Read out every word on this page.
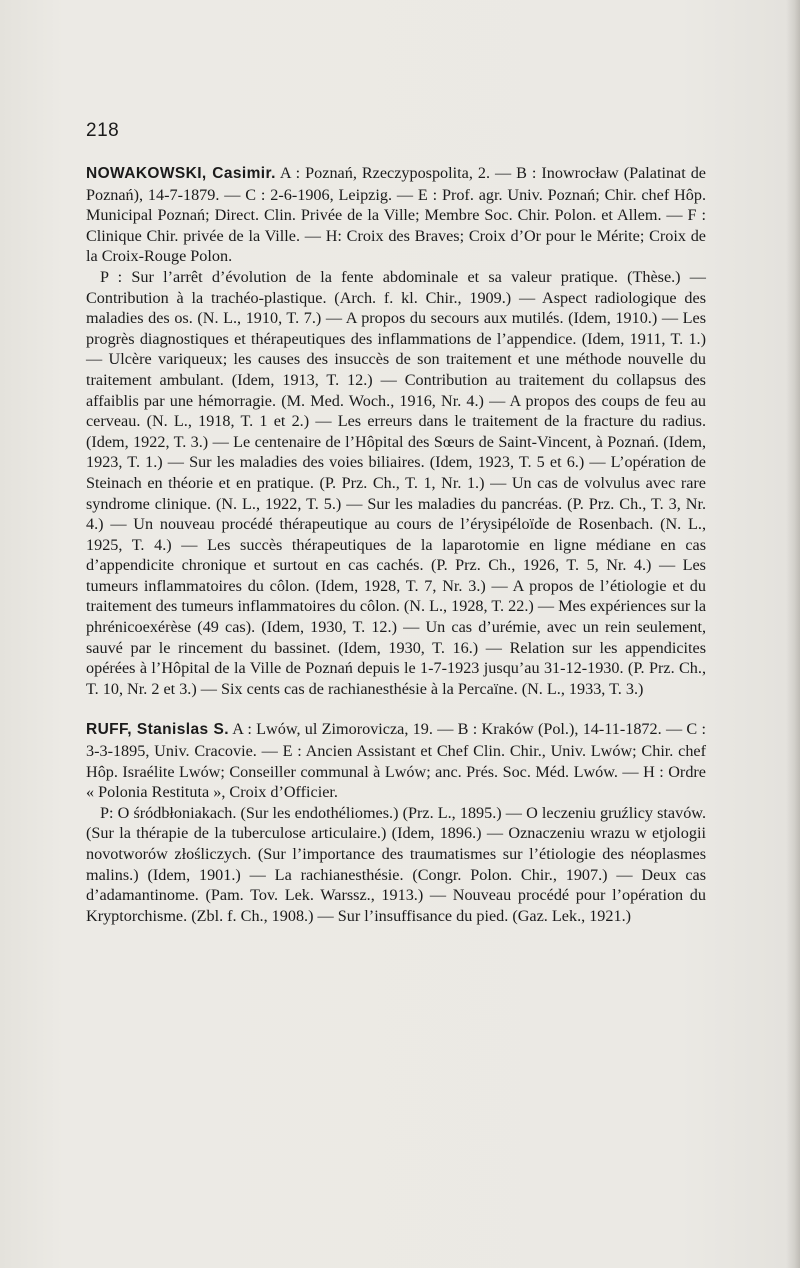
218

NOWAKOWSKI, Casimir. A : Poznań, Rzeczypospolita, 2. — B : Inowrocław (Palatinat de Poznań), 14-7-1879. — C : 2-6-1906, Leipzig. — E : Prof. agr. Univ. Poznań; Chir. chef Hôp. Municipal Poznań; Direct. Clin. Privée de la Ville; Membre Soc. Chir. Polon. et Allem. — F : Clinique Chir. privée de la Ville. — H: Croix des Braves; Croix d’Or pour le Mérite; Croix de la Croix-Rouge Polon.

P : Sur l’arrêt d’évolution de la fente abdominale et sa valeur pratique. (Thèse.) — Contribution à la trachéo-plastique. (Arch. f. kl. Chir., 1909.) — Aspect radiologique des maladies des os. (N. L., 1910, T. 7.) — A propos du secours aux mutilés. (Idem, 1910.) — Les progrès diagnostiques et thérapeutiques des inflammations de l’appendice. (Idem, 1911, T. 1.) — Ulcère variqueux; les causes des insuccès de son traitement et une méthode nouvelle du traitement ambulant. (Idem, 1913, T. 12.) — Contribution au traitement du collapsus des affaiblis par une hémorragie. (M. Med. Woch., 1916, Nr. 4.) — A propos des coups de feu au cerveau. (N. L., 1918, T. 1 et 2.) — Les erreurs dans le traitement de la fracture du radius. (Idem, 1922, T. 3.) — Le centenaire de l’Hôpital des Sœurs de Saint-Vincent, à Poznań. (Idem, 1923, T. 1.) — Sur les maladies des voies biliaires. (Idem, 1923, T. 5 et 6.) — L’opération de Steinach en théorie et en pratique. (P. Prz. Ch., T. 1, Nr. 1.) — Un cas de volvulus avec rare syndrome clinique. (N. L., 1922, T. 5.) — Sur les maladies du pancréas. (P. Prz. Ch., T. 3, Nr. 4.) — Un nouveau procédé thérapeutique au cours de l’érysipéloïde de Rosenbach. (N. L., 1925, T. 4.) — Les succès thérapeutiques de la laparotomie en ligne médiane en cas d’appendicite chronique et surtout en cas cachés. (P. Prz. Ch., 1926, T. 5, Nr. 4.) — Les tumeurs inflammatoires du côlon. (Idem, 1928, T. 7, Nr. 3.) — A propos de l’étiologie et du traitement des tumeurs inflammatoires du côlon. (N. L., 1928, T. 22.) — Mes expériences sur la phrénicoexérèse (49 cas). (Idem, 1930, T. 12.) — Un cas d’urémie, avec un rein seulement, sauvé par le rincement du bassinet. (Idem, 1930, T. 16.) — Relation sur les appendicites opérées à l’Hôpital de la Ville de Poznań depuis le 1-7-1923 jusqu’au 31-12-1930. (P. Prz. Ch., T. 10, Nr. 2 et 3.) — Six cents cas de rachianesthésie à la Percaïne. (N. L., 1933, T. 3.)

RUFF, Stanislas S. A : Lwów, ul Zimorovicza, 19. — B : Kraków (Pol.), 14-11-1872. — C : 3-3-1895, Univ. Cracovie. — E : Ancien Assistant et Chef Clin. Chir., Univ. Lwów; Chir. chef Hôp. Israélite Lwów; Conseiller communal à Lwów; anc. Prés. Soc. Méd. Lwów. — H : Ordre « Polonia Restituta », Croix d’Officier.

P: O śródbłoniakach. (Sur les endothéliomes.) (Prz. L., 1895.) — O leczeniu gruźlicy stavów. (Sur la thérapie de la tuberculose articulaire.) (Idem, 1896.) — Oznaczeniu wrazu w etjologii novotworów złośliczych. (Sur l’importance des traumatismes sur l’étiologie des néoplasmes malins.) (Idem, 1901.) — La rachianesthésie. (Congr. Polon. Chir., 1907.) — Deux cas d’adamantinome. (Pam. Tov. Lek. Warssz., 1913.) — Nouveau procédé pour l’opération du Kryptorchisme. (Zbl. f. Ch., 1908.) — Sur l’insuffisance du pied. (Gaz. Lek., 1921.)
